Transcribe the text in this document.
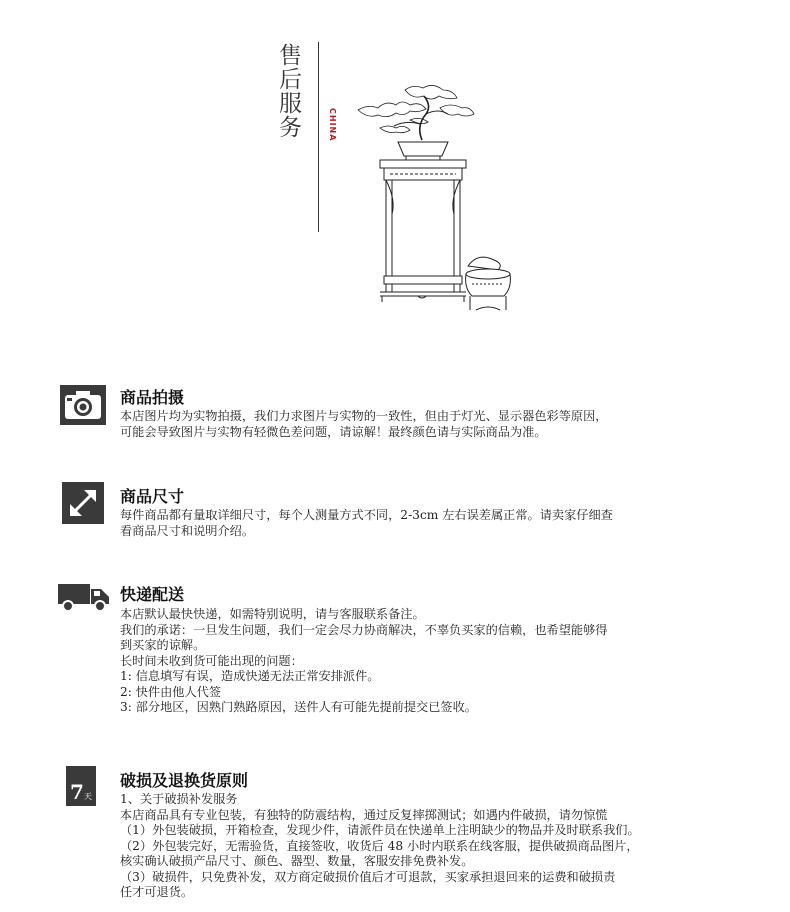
售
后
服
务	CHINA
商品拍摄

本店图片均为实物拍摄，我们力求图片与实物的一致性，但由于灯光、显示器色彩等原因，

可能会导致图片与实物有轻微色差问题，请谅解！最终颜色请与实际商品为准。

商品尺寸

每件商品都有量取详细尺寸，每个人测量方式不同，2-3cm 左右误差属正常。请卖家仔细查

看商品尺寸和说明介绍。

快递配送

本店默认最快快递，如需特别说明，请与客服联系备注。

我们的承诺：一旦发生问题，我们一定会尽力协商解决，不辜负买家的信赖，也希望能够得

到买家的谅解。

长时间未收到货可能出现的问题：

1: 信息填写有误，造成快递无法正常安排派件。

2: 快件由他人代签

3: 部分地区，因熟门熟路原因，送件人有可能先提前提交已签收。

7 天
破损及退换货原则

1、关于破损补发服务

本店商品具有专业包装，有独特的防震结构，通过反复摔掷测试；如遇内件破损，请勿惊慌

（1）外包装破损，开箱检查，发现少件，请派件员在快递单上注明缺少的物品并及时联系我们。

（2）外包装完好，无需验货，直接签收，收货后 48 小时内联系在线客服，提供破损商品图片，

核实确认破损产品尺寸、颜色、器型、数量，客服安排免费补发。

（3）破损件，只免费补发，双方商定破损价值后才可退款，买家承担退回来的运费和破损责

任才可退货。
